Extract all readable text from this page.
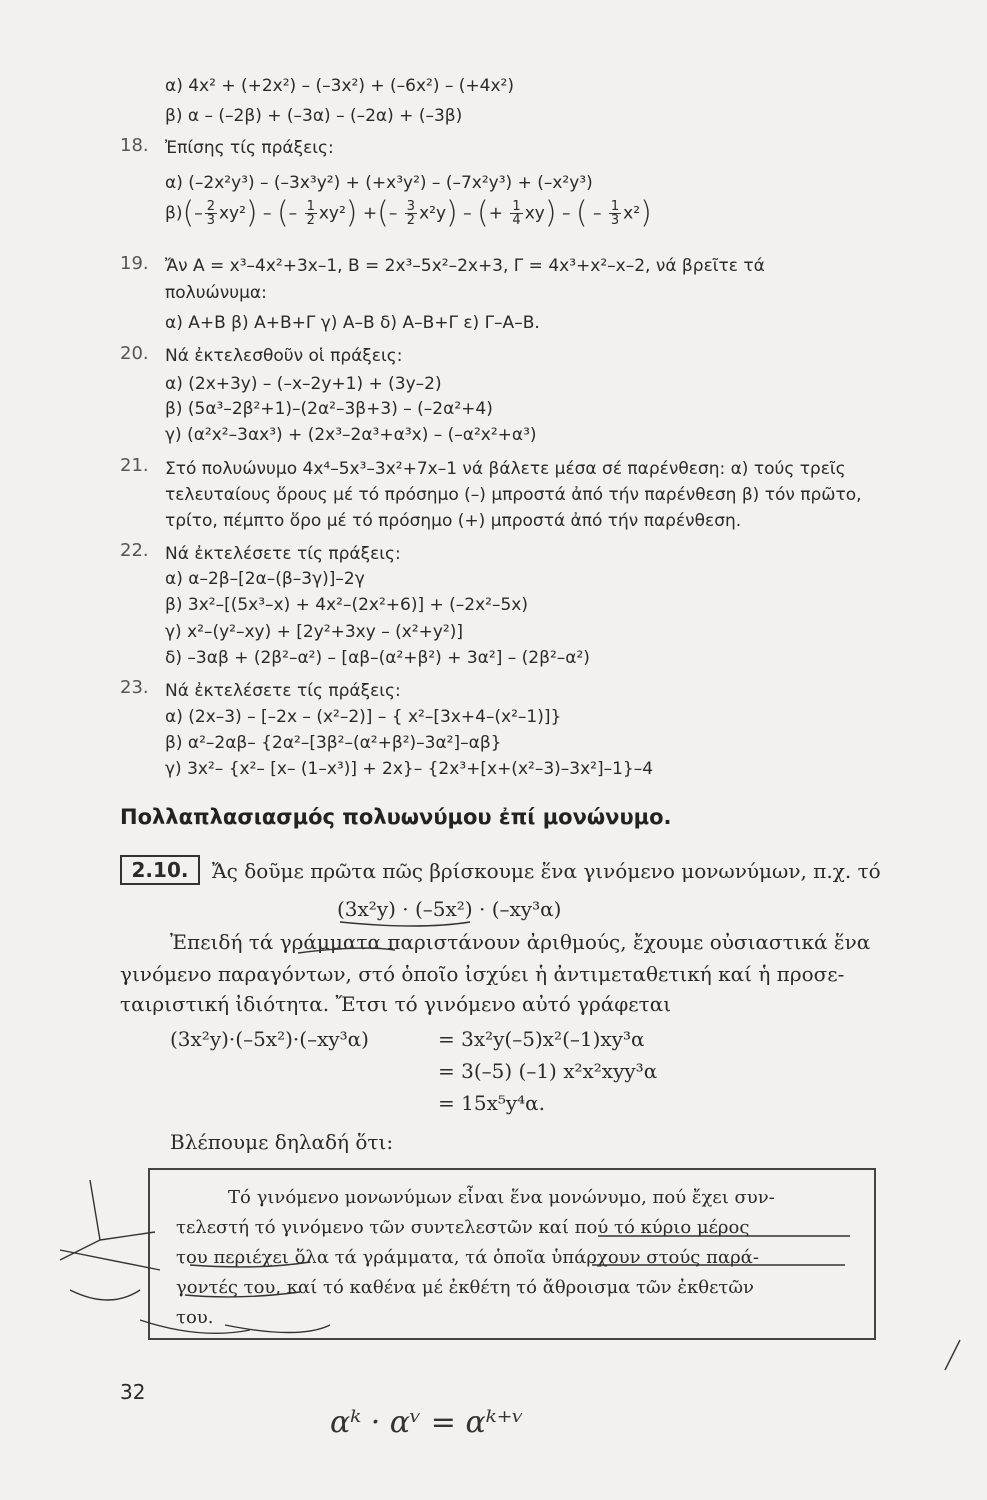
α) 4x² + (+2x²) – (–3x²) + (–6x²) – (+4x²)
β) α – (–2β) + (–3α) – (–2α) + (–3β)
18. Ἐπίσης τίς πράξεις:
α) (–2x²y³) – (–3x³y²) + (+x³y²) – (–7x²y³) + (–x²y³)
$\beta)(- \frac{2}{3} xy^2)$ – (– $\frac{1}{2} xy^2$) +(– $\frac{3}{2} x^2y$) – (+ $\frac{1}{4} xy$) – ( – $\frac{1}{3} x^2$)
19. Ἄν A = x³–4x²+3x–1, B = 2x³–5x²–2x+3, Γ = 4x³+x²–x–2, νά βρεῖτε τά
πολυώνυμα:
α) A+B β) A+B+Γ γ) A–B δ) A–B+Γ ε) Γ–A–B.
20. Νά ἐκτελεσθοῦν οἱ πράξεις:
α) (2x+3y) – (–x–2y+1) + (3y–2)
β) (5α³–2β²+1)–(2α²–3β+3) – (–2α²+4)
γ) (α²x²–3αx³) + (2x³–2α³+α³x) – (–α²x²+α³)
21. Στό πολυώνυμο 4x⁴–5x³–3x²+7x–1 νά βάλετε μέσα σέ παρένθεση: α) τούς τρεῖς
τελευταίους ὅρους μέ τό πρόσημο (–) μπροστά ἀπό τήν παρένθεση β) τόν πρῶτο,
τρίτο, πέμπτο ὅρο μέ τό πρόσημο (+) μπροστά ἀπό τήν παρένθεση.
22. Νά ἐκτελέσετε τίς πράξεις:
α) α–2β–[2α–(β–3γ)]–2γ
β) 3x²–[(5x³–x) + 4x²–(2x²+6)] + (–2x²–5x)
γ) x²–(y²–xy) + [2y²+3xy – (x²+y²)]
δ) –3αβ + (2β²–α²) – [αβ–(α²+β²) + 3α²] – (2β²–α²)
23. Νά ἐκτελέσετε τίς πράξεις:
α) (2x–3) – [–2x – (x²–2)] – { x²–[3x+4–(x²–1)]}
β) α²–2αβ– {2α²–[3β²–(α²+β²)–3α²]–αβ}
γ) 3x²– {x²– [x– (1–x³)] + 2x}– {2x³+[x+(x²–3)–3x²]–1}–4
Πολλαπλασιασμός πολυωνύμου ἐπί μονώνυμο.
2.10.	Ἄς δοῦμε πρῶτα πῶς βρίσκουμε ἕνα γινόμενο μονωνύμων, π.χ. τό
(3x²y) · (–5x²) · (–xy³α)
Ἐπειδή τά γράμματα παριστάνουν ἀριθμούς, ἔχουμε οὐσιαστικά ἕνα
γινόμενο παραγόντων, στό ὁποῖο ἰσχύει ἡ ἀντιμεταθετική καί ἡ προσε-
ταιριστική ἰδιότητα. Ἔτσι τό γινόμενο αὐτό γράφεται
(3x²y)·(–5x²)·(–xy³α)	= 3x²y(–5)x²(–1)xy³α
= 3(–5) (–1) x²x²xyy³α
= 15x⁵y⁴α.
Βλέπουμε δηλαδή ὅτι:
Τό γινόμενο μονωνύμων εἶναι ἕνα μονώνυμο, πού ἔχει συν-
τελεστή τό γινόμενο τῶν συντελεστῶν καί πού τό κύριο μέρος
του περιέχει ὅλα τά γράμματα, τά ὁποῖα ὑπάρχουν στούς παρά-
γοντές του, καί τό καθένα μέ ἐκθέτη τό ἄθροισμα τῶν ἐκθετῶν
του.
32
αᵏ · αᵛ = αᵏ⁺ᵛ
